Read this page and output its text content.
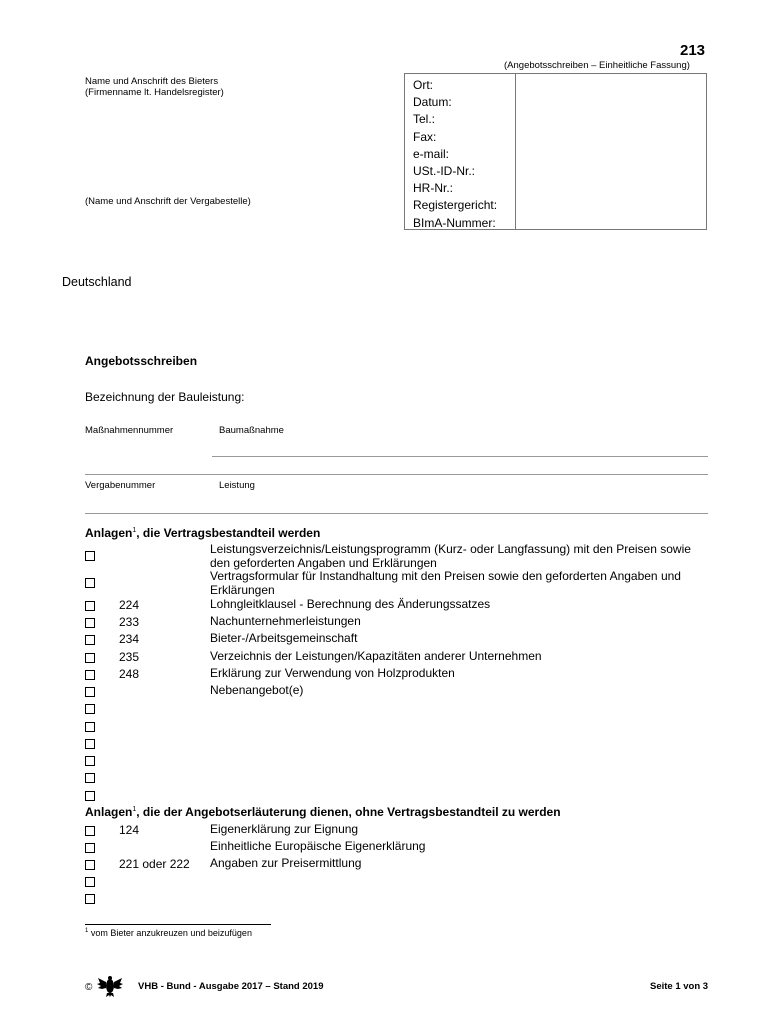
213
(Angebotsschreiben – Einheitliche Fassung)
Name und Anschrift des Bieters
(Firmenname lt. Handelsregister)
(Name und Anschrift der Vergabestelle)
Ort:
Datum:
Tel.:
Fax:
e-mail:
USt.-ID-Nr.:
HR-Nr.:
Registergericht:
BImA-Nummer:
Deutschland
Angebotsschreiben
Bezeichnung der Bauleistung:
Maßnahmennummer	Baumaßnahme
Vergabenummer	Leistung
Anlagen$^1$, die Vertragsbestandteil werden
Leistungsverzeichnis/Leistungsprogramm (Kurz- oder Langfassung) mit den Preisen sowie den geforderten Angaben und Erklärungen
Vertragsformular für Instandhaltung mit den Preisen sowie den geforderten Angaben und Erklärungen
224	Lohngleitklausel - Berechnung des Änderungssatzes
233	Nachunternehmerleistungen
234	Bieter-/Arbeitsgemeinschaft
235	Verzeichnis der Leistungen/Kapazitäten anderer Unternehmen
248	Erklärung zur Verwendung von Holzprodukten
Nebenangebot(e)
Anlagen$^1$, die der Angebotserläuterung dienen, ohne Vertragsbestandteil zu werden
124	Eigenerklärung zur Eignung
Einheitliche Europäische Eigenerklärung
221 oder 222 Angaben zur Preisermittlung
$^1$ vom Bieter anzukreuzen und beizufügen
©	VHB - Bund - Ausgabe 2017 – Stand 2019	Seite 1 von 3
